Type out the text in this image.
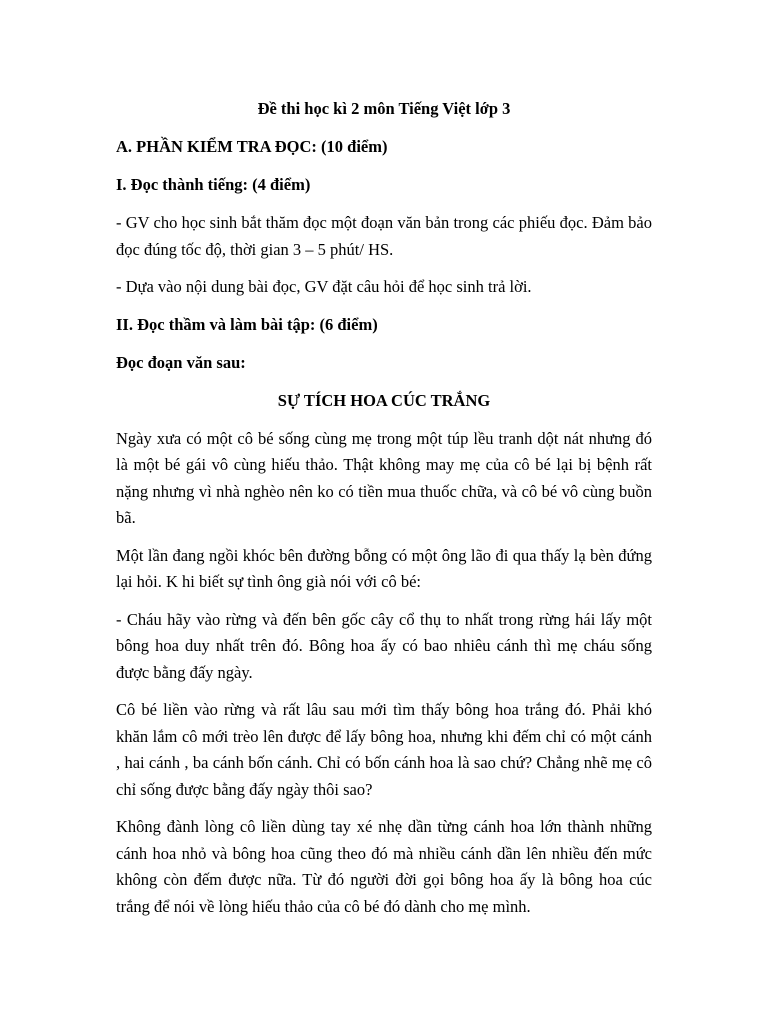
Đề thi học kì 2 môn Tiếng Việt lớp 3

A. PHẦN KIỂM TRA ĐỌC: (10 điểm)

I. Đọc thành tiếng: (4 điểm)

- GV cho học sinh bắt thăm đọc một đoạn văn bản trong các phiếu đọc. Đảm bảo đọc đúng tốc độ, thời gian 3 – 5 phút/ HS.

- Dựa vào nội dung bài đọc, GV đặt câu hỏi để học sinh trả lời.

II. Đọc thầm và làm bài tập: (6 điểm)

Đọc đoạn văn sau:

SỰ TÍCH HOA CÚC TRẮNG

Ngày xưa có một cô bé sống cùng mẹ trong một túp lều tranh dột nát nhưng đó là một bé gái vô cùng hiếu thảo. Thật không may mẹ của cô bé lại bị bệnh rất nặng nhưng vì nhà nghèo nên ko có tiền mua thuốc chữa, và cô bé vô cùng buồn bã.

Một lần đang ngồi khóc bên đường bỗng có một ông lão đi qua thấy lạ bèn đứng lại hỏi. K hi biết sự tình ông già nói với cô bé:

- Cháu hãy vào rừng và đến bên gốc cây cổ thụ to nhất trong rừng hái lấy một bông hoa duy nhất trên đó. Bông hoa ấy có bao nhiêu cánh thì mẹ cháu sống được bằng đấy ngày.

Cô bé liền vào rừng và rất lâu sau mới tìm thấy bông hoa trắng đó. Phải khó khăn lắm cô mới trèo lên được để lấy bông hoa, nhưng khi đếm chỉ có một cánh , hai cánh , ba cánh bốn cánh. Chỉ có bốn cánh hoa là sao chứ? Chẳng nhẽ mẹ cô chỉ sống được bằng đấy ngày thôi sao?

Không đành lòng cô liền dùng tay xé nhẹ dần từng cánh hoa lớn thành những cánh hoa nhỏ và bông hoa cũng theo đó mà nhiều cánh dần lên nhiều đến mức không còn đếm được nữa. Từ đó người đời gọi bông hoa ấy là bông hoa cúc trắng để nói về lòng hiếu thảo của cô bé đó dành cho mẹ mình.
